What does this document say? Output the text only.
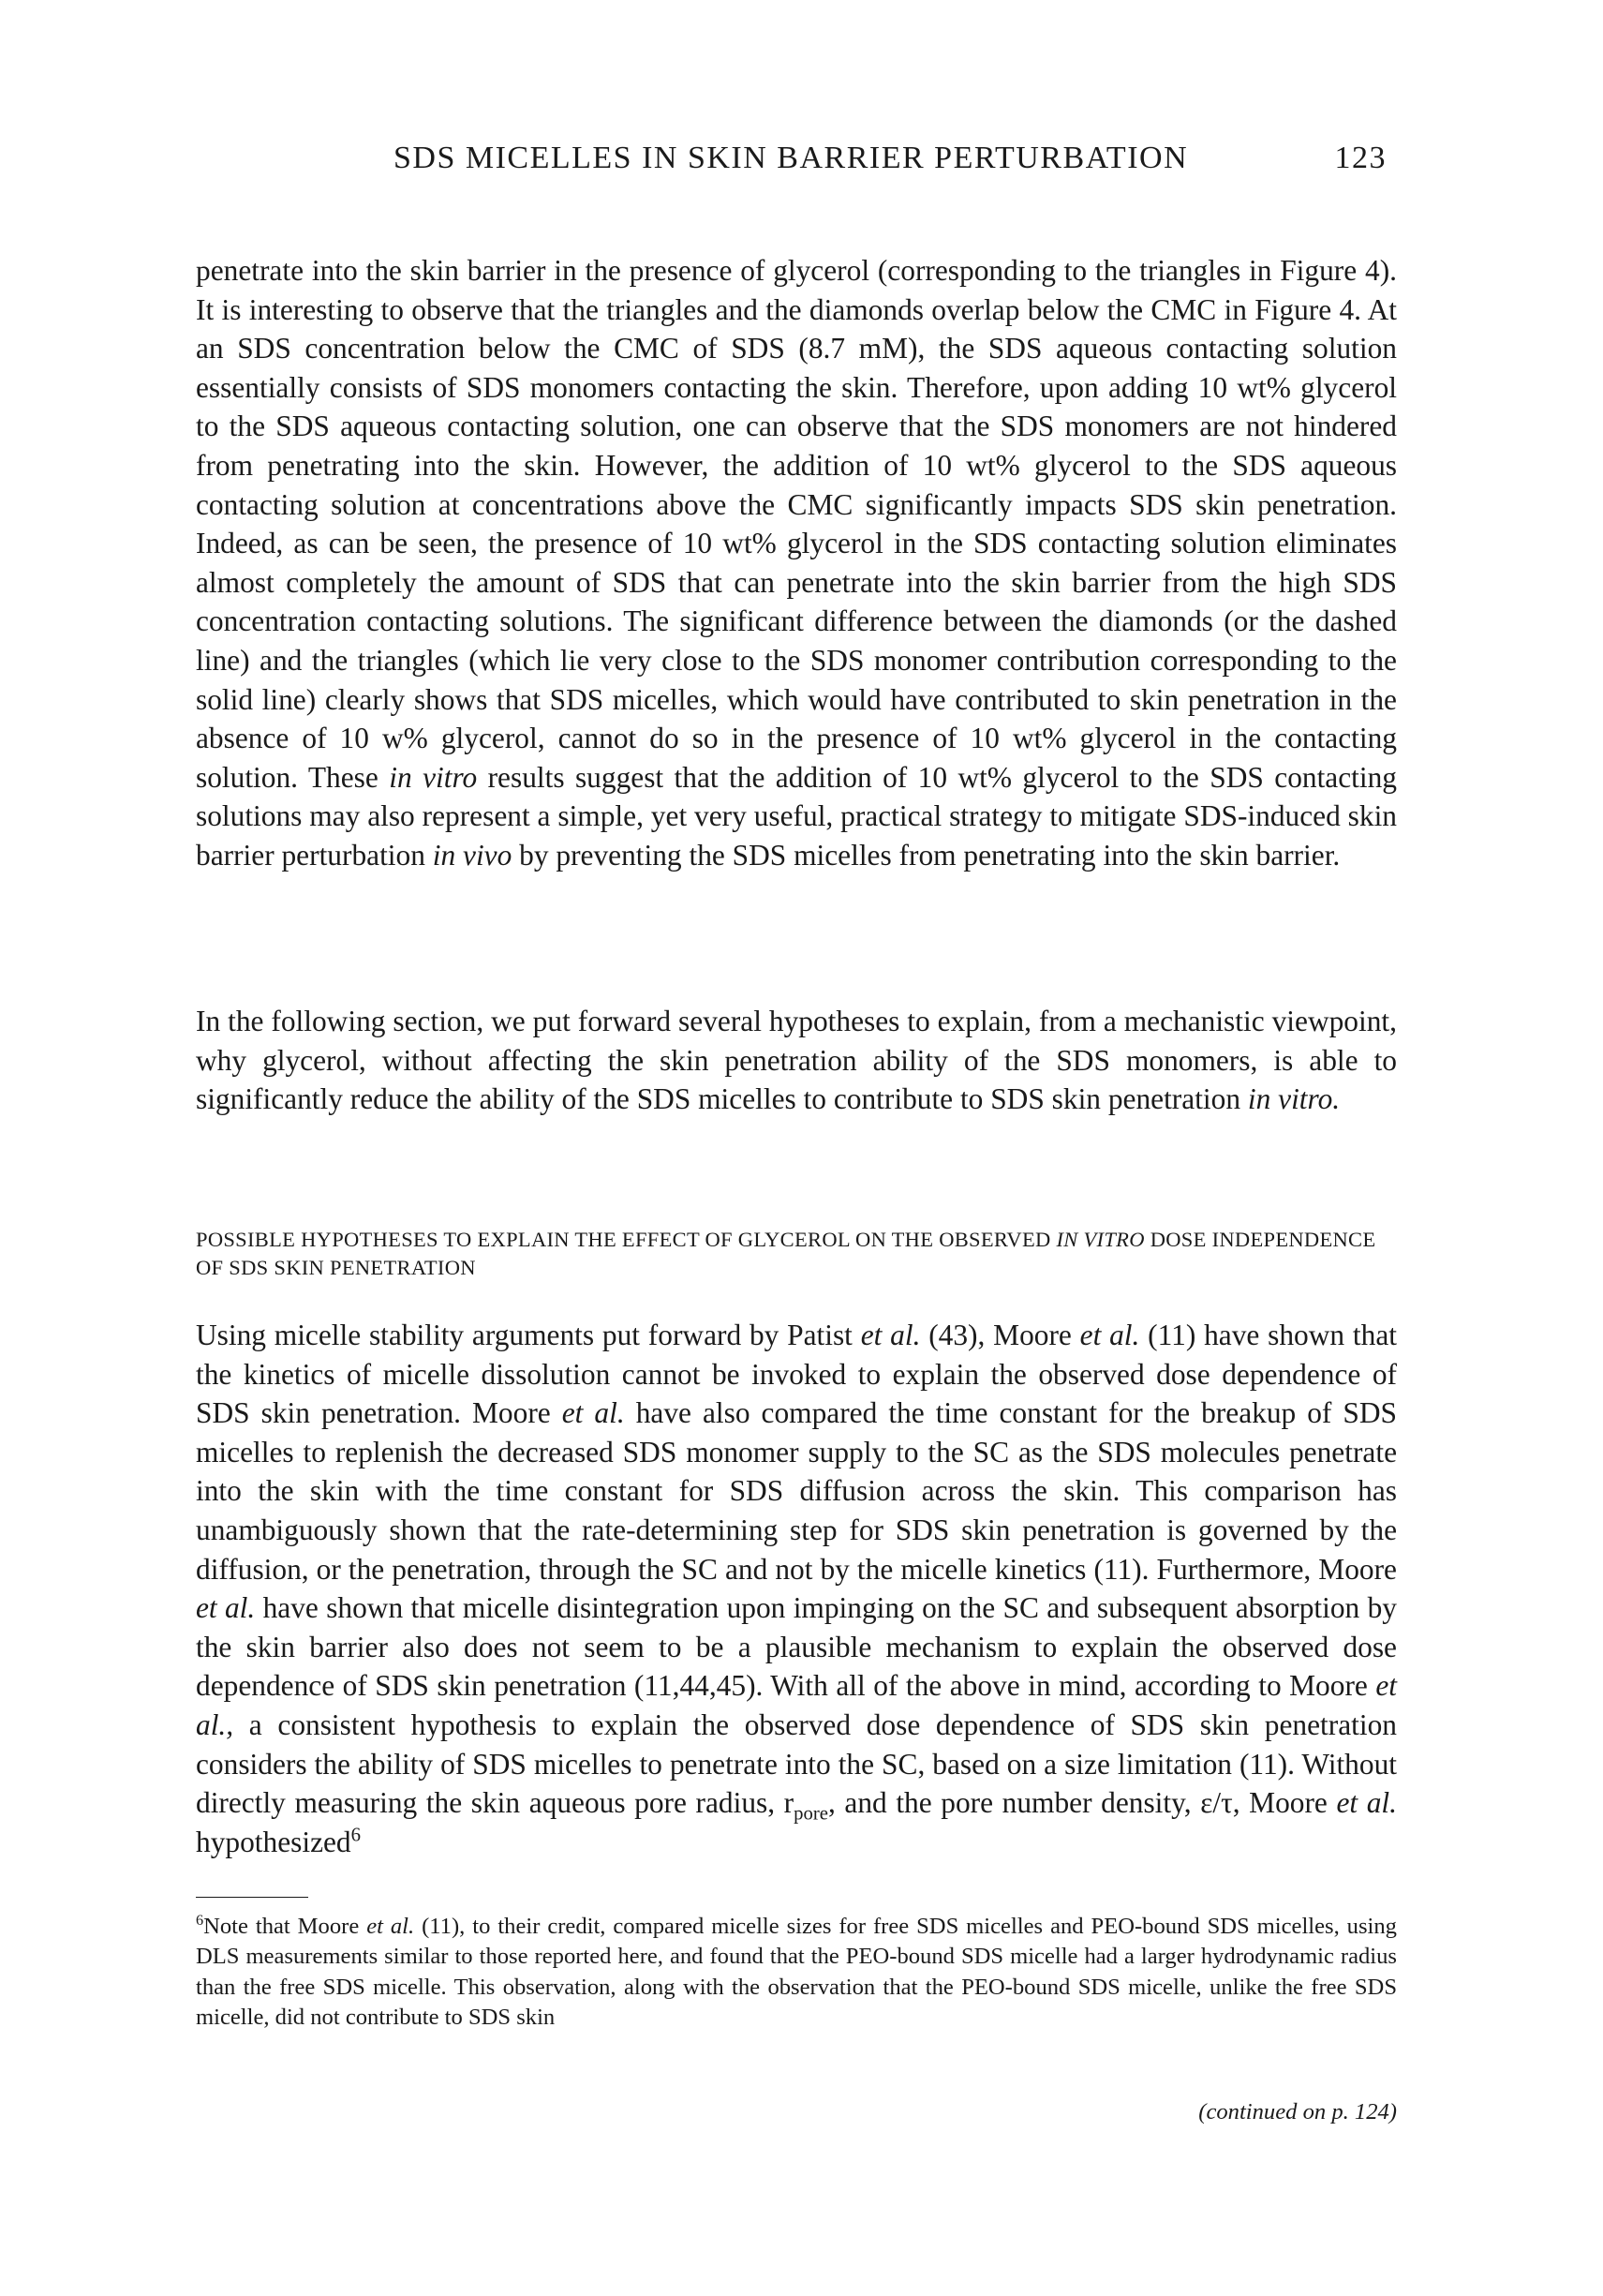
SDS MICELLES IN SKIN BARRIER PERTURBATION	123

penetrate into the skin barrier in the presence of glycerol (corresponding to the triangles in Figure 4). It is interesting to observe that the triangles and the diamonds overlap below the CMC in Figure 4. At an SDS concentration below the CMC of SDS (8.7 mM), the SDS aqueous contacting solution essentially consists of SDS monomers contacting the skin. Therefore, upon adding 10 wt% glycerol to the SDS aqueous contacting solution, one can observe that the SDS monomers are not hindered from penetrating into the skin. However, the addition of 10 wt% glycerol to the SDS aqueous contacting solution at concentrations above the CMC significantly impacts SDS skin penetration. Indeed, as can be seen, the presence of 10 wt% glycerol in the SDS contacting solution eliminates almost completely the amount of SDS that can penetrate into the skin barrier from the high SDS concentration contacting solutions. The significant difference between the diamonds (or the dashed line) and the triangles (which lie very close to the SDS monomer contribution corresponding to the solid line) clearly shows that SDS micelles, which would have contributed to skin penetration in the absence of 10 w% glycerol, cannot do so in the presence of 10 wt% glycerol in the contacting solution. These in vitro results suggest that the addition of 10 wt% glycerol to the SDS contacting solutions may also represent a simple, yet very useful, practical strategy to mitigate SDS-induced skin barrier perturbation in vivo by preventing the SDS micelles from penetrating into the skin barrier.

In the following section, we put forward several hypotheses to explain, from a mechanistic viewpoint, why glycerol, without affecting the skin penetration ability of the SDS monomers, is able to significantly reduce the ability of the SDS micelles to contribute to SDS skin penetration in vitro.

POSSIBLE HYPOTHESES TO EXPLAIN THE EFFECT OF GLYCEROL ON THE OBSERVED IN VITRO DOSE INDEPENDENCE OF SDS SKIN PENETRATION

Using micelle stability arguments put forward by Patist et al. (43), Moore et al. (11) have shown that the kinetics of micelle dissolution cannot be invoked to explain the observed dose dependence of SDS skin penetration. Moore et al. have also compared the time constant for the breakup of SDS micelles to replenish the decreased SDS monomer supply to the SC as the SDS molecules penetrate into the skin with the time constant for SDS diffusion across the skin. This comparison has unambiguously shown that the rate-determining step for SDS skin penetration is governed by the diffusion, or the penetration, through the SC and not by the micelle kinetics (11). Furthermore, Moore et al. have shown that micelle disintegration upon impinging on the SC and subsequent absorption by the skin barrier also does not seem to be a plausible mechanism to explain the observed dose dependence of SDS skin penetration (11,44,45). With all of the above in mind, according to Moore et al., a consistent hypothesis to explain the observed dose dependence of SDS skin penetration considers the ability of SDS micelles to penetrate into the SC, based on a size limitation (11). Without directly measuring the skin aqueous pore radius, $r_{pore}$, and the pore number density, ε/τ, Moore et al. hypothesized$^6$

$^6$Note that Moore et al. (11), to their credit, compared micelle sizes for free SDS micelles and PEO-bound SDS micelles, using DLS measurements similar to those reported here, and found that the PEO-bound SDS micelle had a larger hydrodynamic radius than the free SDS micelle. This observation, along with the observation that the PEO-bound SDS micelle, unlike the free SDS micelle, did not contribute to SDS skin

(continued on p. 124)
